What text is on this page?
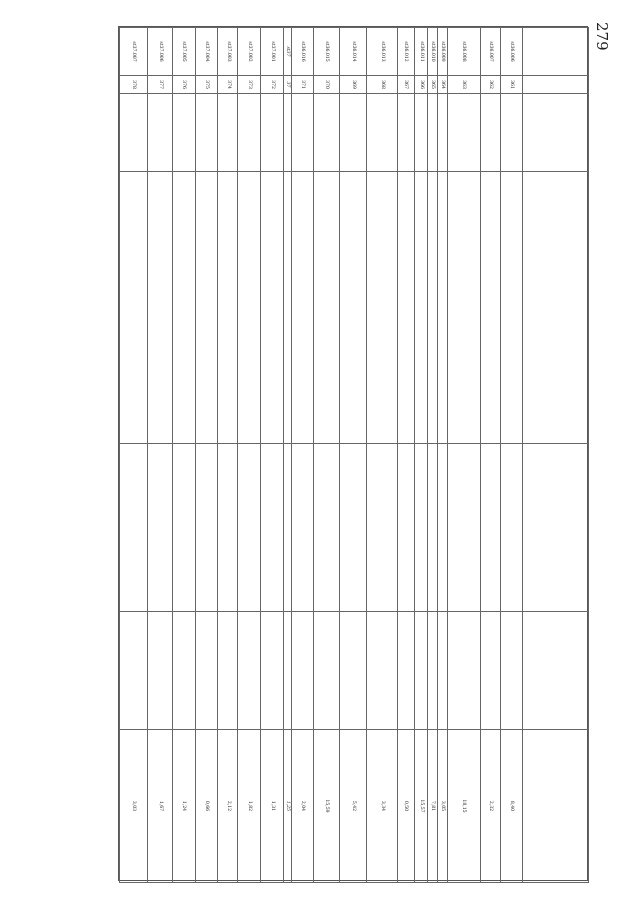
279

st36.006	361					8,40
st36.007	362					2,32
st36.008	363					18,15
st36.009	364					3,05
st36.010	365					7,81
st36.011	366					15,57
st36.012	367					0,50
st36.013	368					3,34
st36.014	369					5,42
st36.015	370					15,59
st36.016	371					2,04
st37	37					1,25
st37.001	372					1,31
st37.002	373					1,82
st37.003	374					2,12
st37.004	375					0,66
st37.005	376					1,24
st37.006	377					1,67
st37.007	378					3,03
